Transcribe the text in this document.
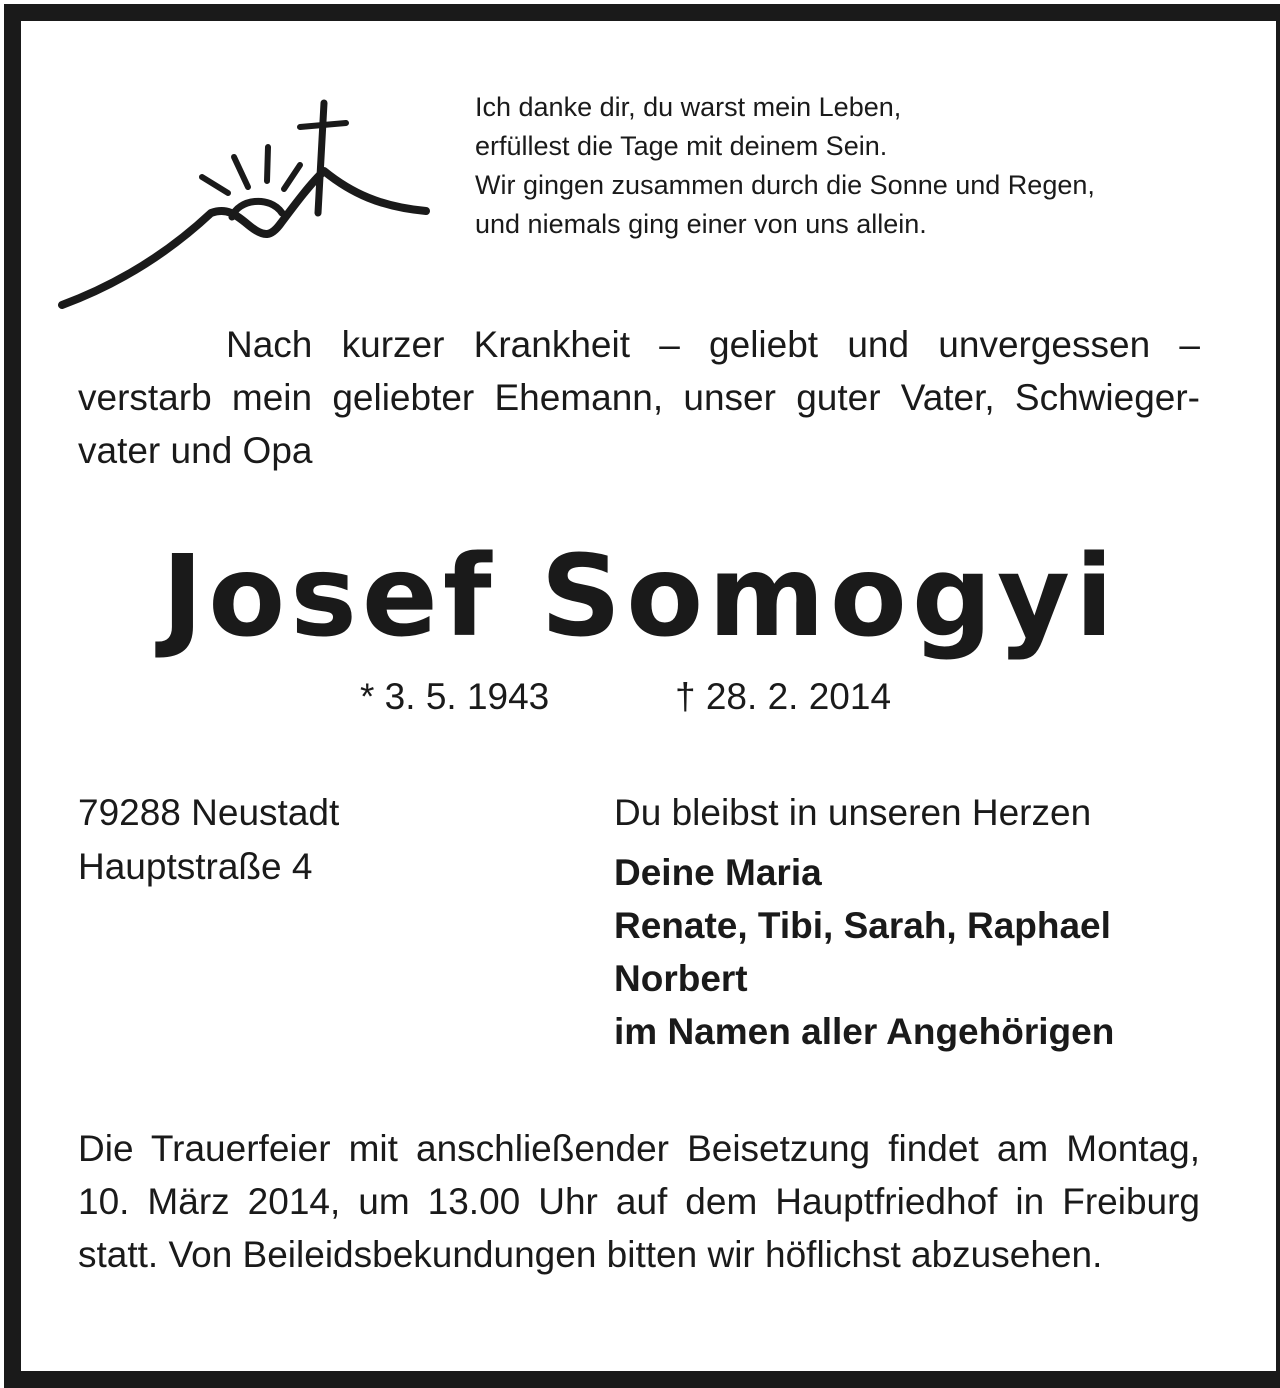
Ich danke dir, du warst mein Leben,
erfüllest die Tage mit deinem Sein.
Wir gingen zusammen durch die Sonne und Regen,
und niemals ging einer von uns allein.
Nach kurzer Krankheit – geliebt und unvergessen –
verstarb mein geliebter Ehemann, unser guter Vater, Schwieger-
vater und Opa
Josef Somogyi
* 3. 5. 1943	† 28. 2. 2014
79288 Neustadt
Hauptstraße 4
Du bleibst in unseren Herzen
Deine Maria
Renate, Tibi, Sarah, Raphael
Norbert
im Namen aller Angehörigen
Die Trauerfeier mit anschließender Beisetzung findet am Montag,
10. März 2014, um 13.00 Uhr auf dem Hauptfriedhof in Freiburg
statt. Von Beileidsbekundungen bitten wir höflichst abzusehen.
